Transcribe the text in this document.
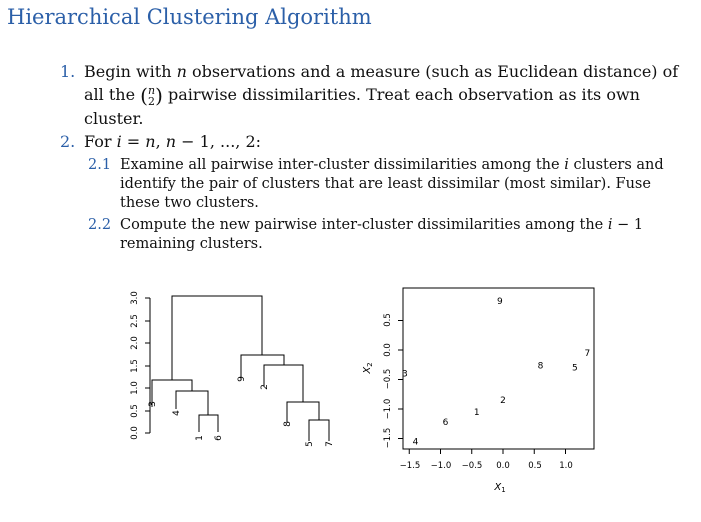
Hierarchical Clustering Algorithm
1. Begin with n observations and a measure (such as Euclidean distance) of all the ( n
2 ) pairwise dissimilarities. Treat each observation as its own cluster.
2. For i = n, n − 1, ..., 2:
2.1 Examine all pairwise inter-cluster dissimilarities among the i clusters and identify the pair of clusters that are least dissimilar (most similar). Fuse these two clusters.
2.2 Compute the new pairwise inter-cluster dissimilarities among the i − 1 remaining clusters.
0.0
0.5
1.0
1.5
2.0
2.5
3.0
3
4
1 6
9
2
8
5 7
−1.5 −1.0 −0.5 0.0 0.5 1.0
−1.5
−1.0
−0.5
0.0
0.5
$X_1$
$X_2$
1
2
3
4
5
6
7
8
9
